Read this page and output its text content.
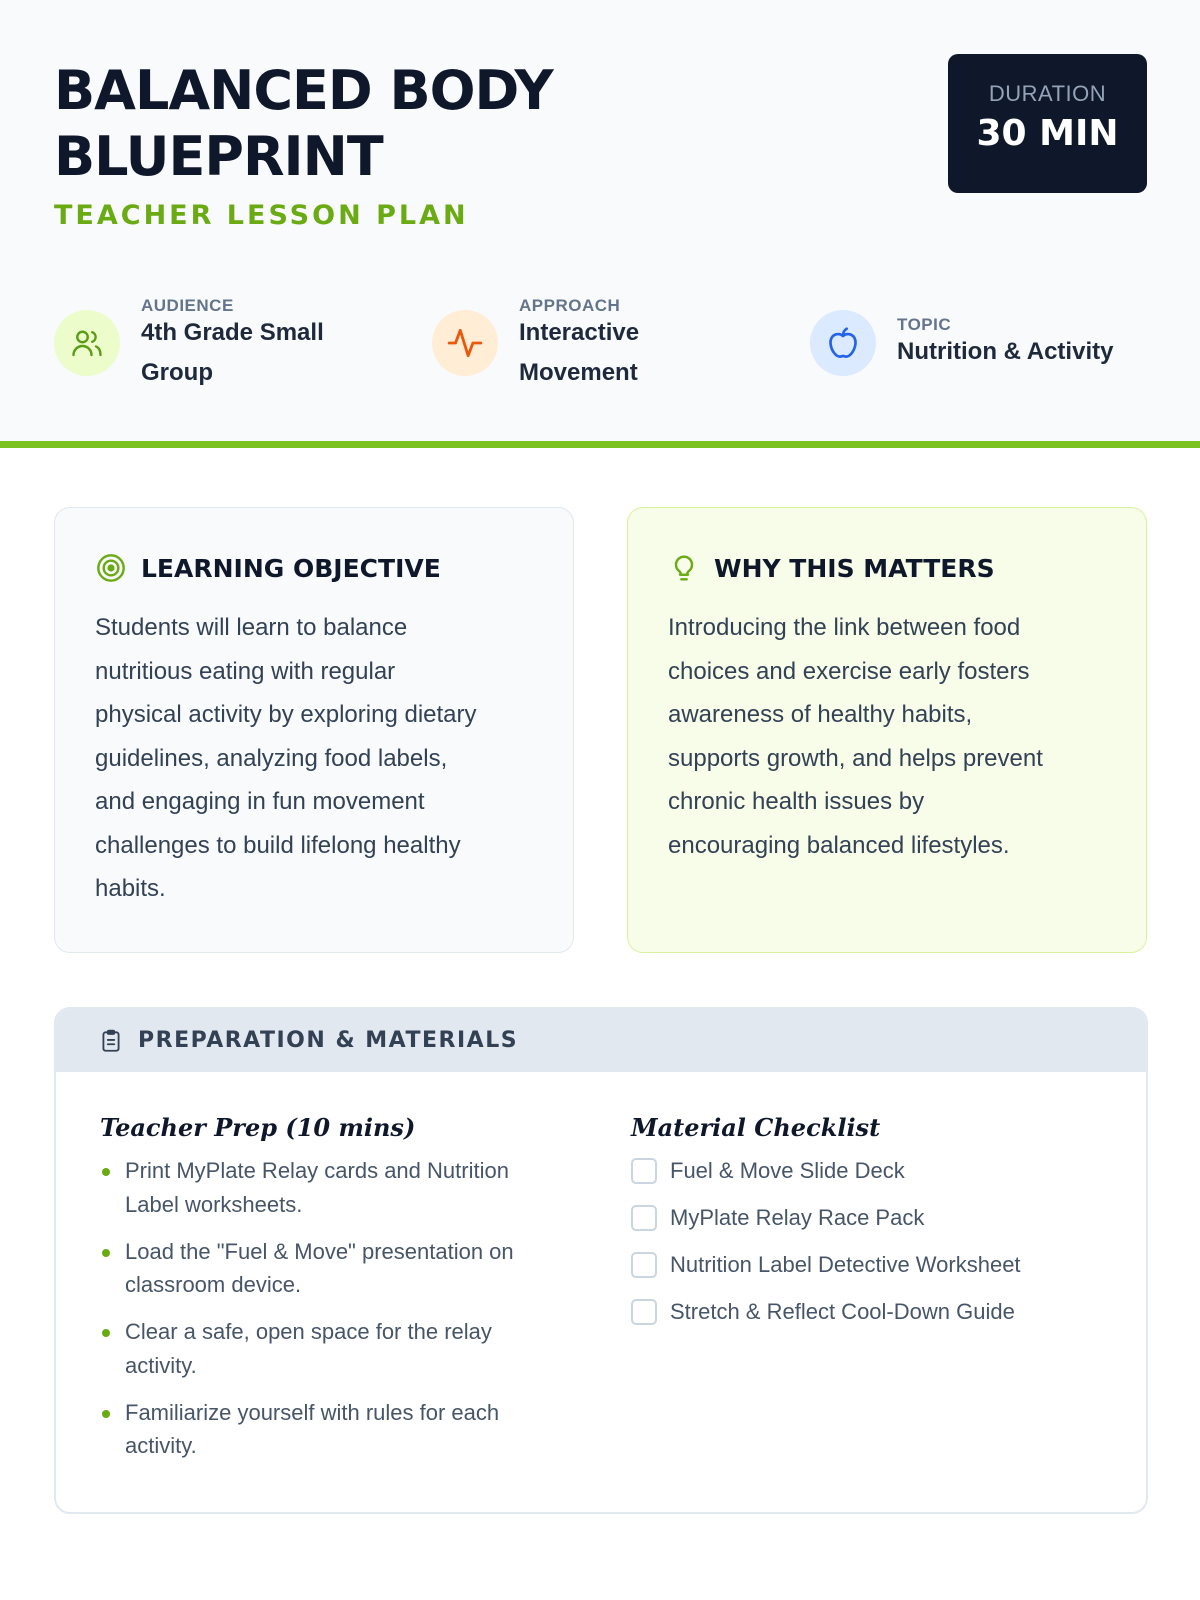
BALANCED BODY
BLUEPRINT
TEACHER LESSON PLAN
DURATION
30 MIN
AUDIENCE
4th Grade Small
Group
APPROACH
Interactive
Movement
TOPIC
Nutrition & Activity
LEARNING OBJECTIVE
Students will learn to balance
nutritious eating with regular
physical activity by exploring dietary
guidelines, analyzing food labels,
and engaging in fun movement
challenges to build lifelong healthy
habits.
WHY THIS MATTERS
Introducing the link between food
choices and exercise early fosters
awareness of healthy habits,
supports growth, and helps prevent
chronic health issues by
encouraging balanced lifestyles.
PREPARATION & MATERIALS
Teacher Prep (10 mins)
Print MyPlate Relay cards and Nutrition
Label worksheets.
Load the "Fuel & Move" presentation on
classroom device.
Clear a safe, open space for the relay
activity.
Familiarize yourself with rules for each
activity.
Material Checklist
Fuel & Move Slide Deck
MyPlate Relay Race Pack
Nutrition Label Detective Worksheet
Stretch & Reflect Cool-Down Guide
